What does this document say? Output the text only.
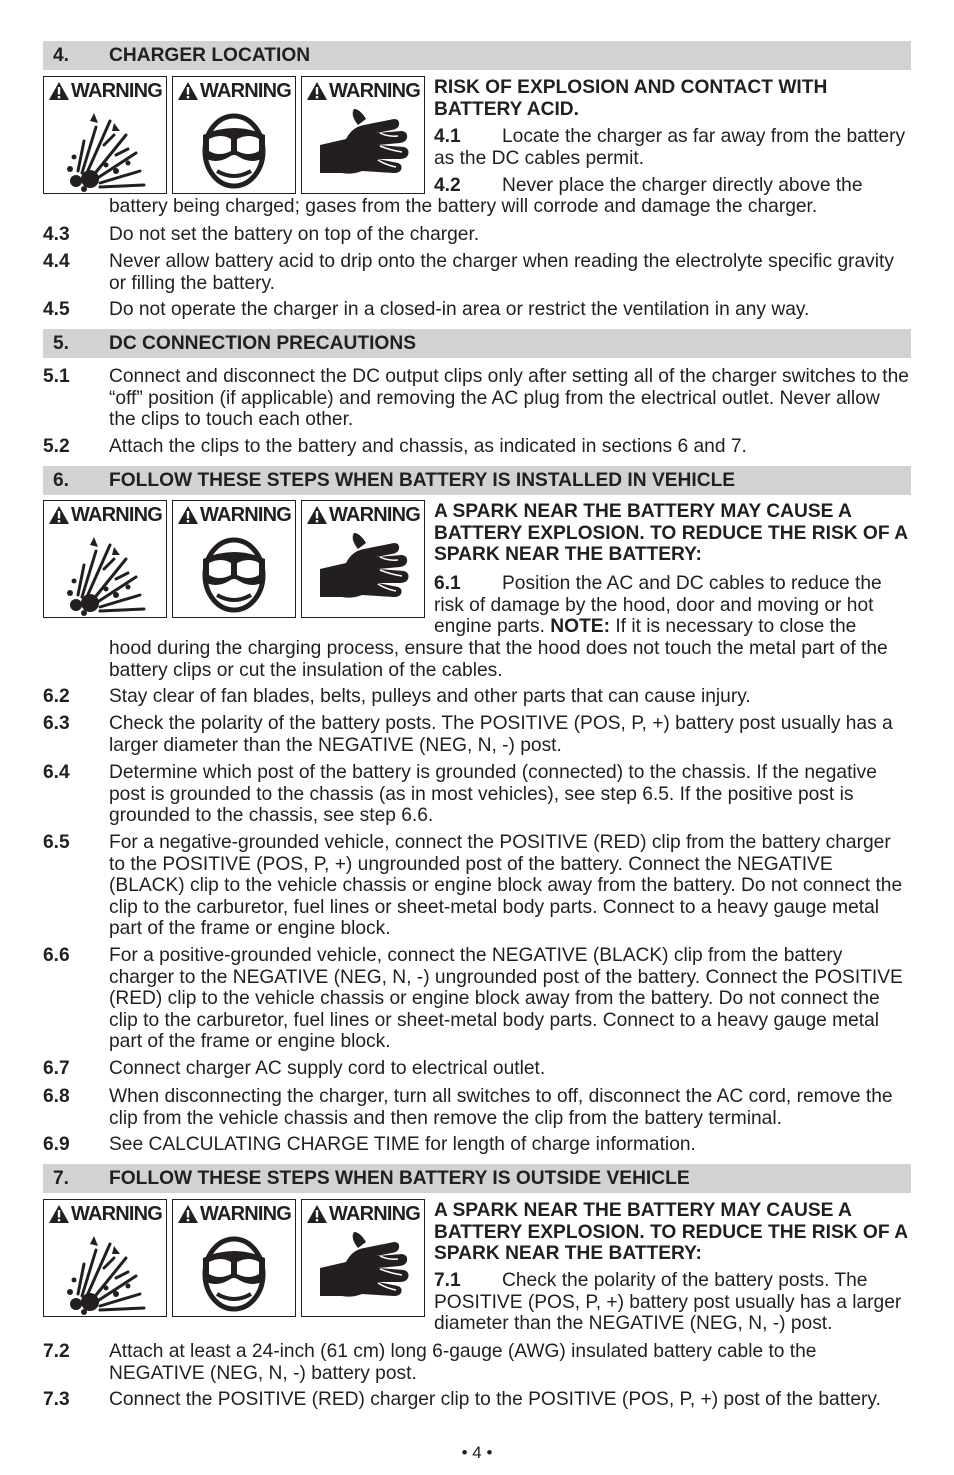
4. CHARGER LOCATION
WARNING WARNING WARNING RISK OF EXPLOSION AND CONTACT WITH BATTERY ACID.
4.1 Locate the charger as far away from the battery as the DC cables permit.
4.2 Never place the charger directly above the
battery being charged; gases from the battery will corrode and damage the charger.
4.3 Do not set the battery on top of the charger.
4.4 Never allow battery acid to drip onto the charger when reading the electrolyte specific gravity or filling the battery.
4.5 Do not operate the charger in a closed-in area or restrict the ventilation in any way.
5. DC CONNECTION PRECAUTIONS
5.1 Connect and disconnect the DC output clips only after setting all of the charger switches to the “off” position (if applicable) and removing the AC plug from the electrical outlet. Never allow the clips to touch each other.
5.2 Attach the clips to the battery and chassis, as indicated in sections 6 and 7.
6. FOLLOW THESE STEPS WHEN BATTERY IS INSTALLED IN VEHICLE
WARNING WARNING WARNING A SPARK NEAR THE BATTERY MAY CAUSE A BATTERY EXPLOSION. TO REDUCE THE RISK OF A SPARK NEAR THE BATTERY:
6.1 Position the AC and DC cables to reduce the risk of damage by the hood, door and moving or hot engine parts. NOTE: If it is necessary to close the
hood during the charging process, ensure that the hood does not touch the metal part of the battery clips or cut the insulation of the cables.
6.2 Stay clear of fan blades, belts, pulleys and other parts that can cause injury.
6.3 Check the polarity of the battery posts. The POSITIVE (POS, P, +) battery post usually has a larger diameter than the NEGATIVE (NEG, N, -) post.
6.4 Determine which post of the battery is grounded (connected) to the chassis. If the negative post is grounded to the chassis (as in most vehicles), see step 6.5. If the positive post is grounded to the chassis, see step 6.6.
6.5 For a negative-grounded vehicle, connect the POSITIVE (RED) clip from the battery charger to the POSITIVE (POS, P, +) ungrounded post of the battery. Connect the NEGATIVE (BLACK) clip to the vehicle chassis or engine block away from the battery. Do not connect the clip to the carburetor, fuel lines or sheet-metal body parts. Connect to a heavy gauge metal part of the frame or engine block.
6.6 For a positive-grounded vehicle, connect the NEGATIVE (BLACK) clip from the battery charger to the NEGATIVE (NEG, N, -) ungrounded post of the battery. Connect the POSITIVE (RED) clip to the vehicle chassis or engine block away from the battery. Do not connect the clip to the carburetor, fuel lines or sheet-metal body parts. Connect to a heavy gauge metal part of the frame or engine block.
6.7 Connect charger AC supply cord to electrical outlet.
6.8 When disconnecting the charger, turn all switches to off, disconnect the AC cord, remove the clip from the vehicle chassis and then remove the clip from the battery terminal.
6.9 See CALCULATING CHARGE TIME for length of charge information.
7. FOLLOW THESE STEPS WHEN BATTERY IS OUTSIDE VEHICLE
WARNING WARNING WARNING A SPARK NEAR THE BATTERY MAY CAUSE A BATTERY EXPLOSION. TO REDUCE THE RISK OF A SPARK NEAR THE BATTERY:
7.1 Check the polarity of the battery posts. The POSITIVE (POS, P, +) battery post usually has a larger diameter than the NEGATIVE (NEG, N, -) post.
7.2 Attach at least a 24-inch (61 cm) long 6-gauge (AWG) insulated battery cable to the NEGATIVE (NEG, N, -) battery post.
7.3 Connect the POSITIVE (RED) charger clip to the POSITIVE (POS, P, +) post of the battery.
• 4 •
